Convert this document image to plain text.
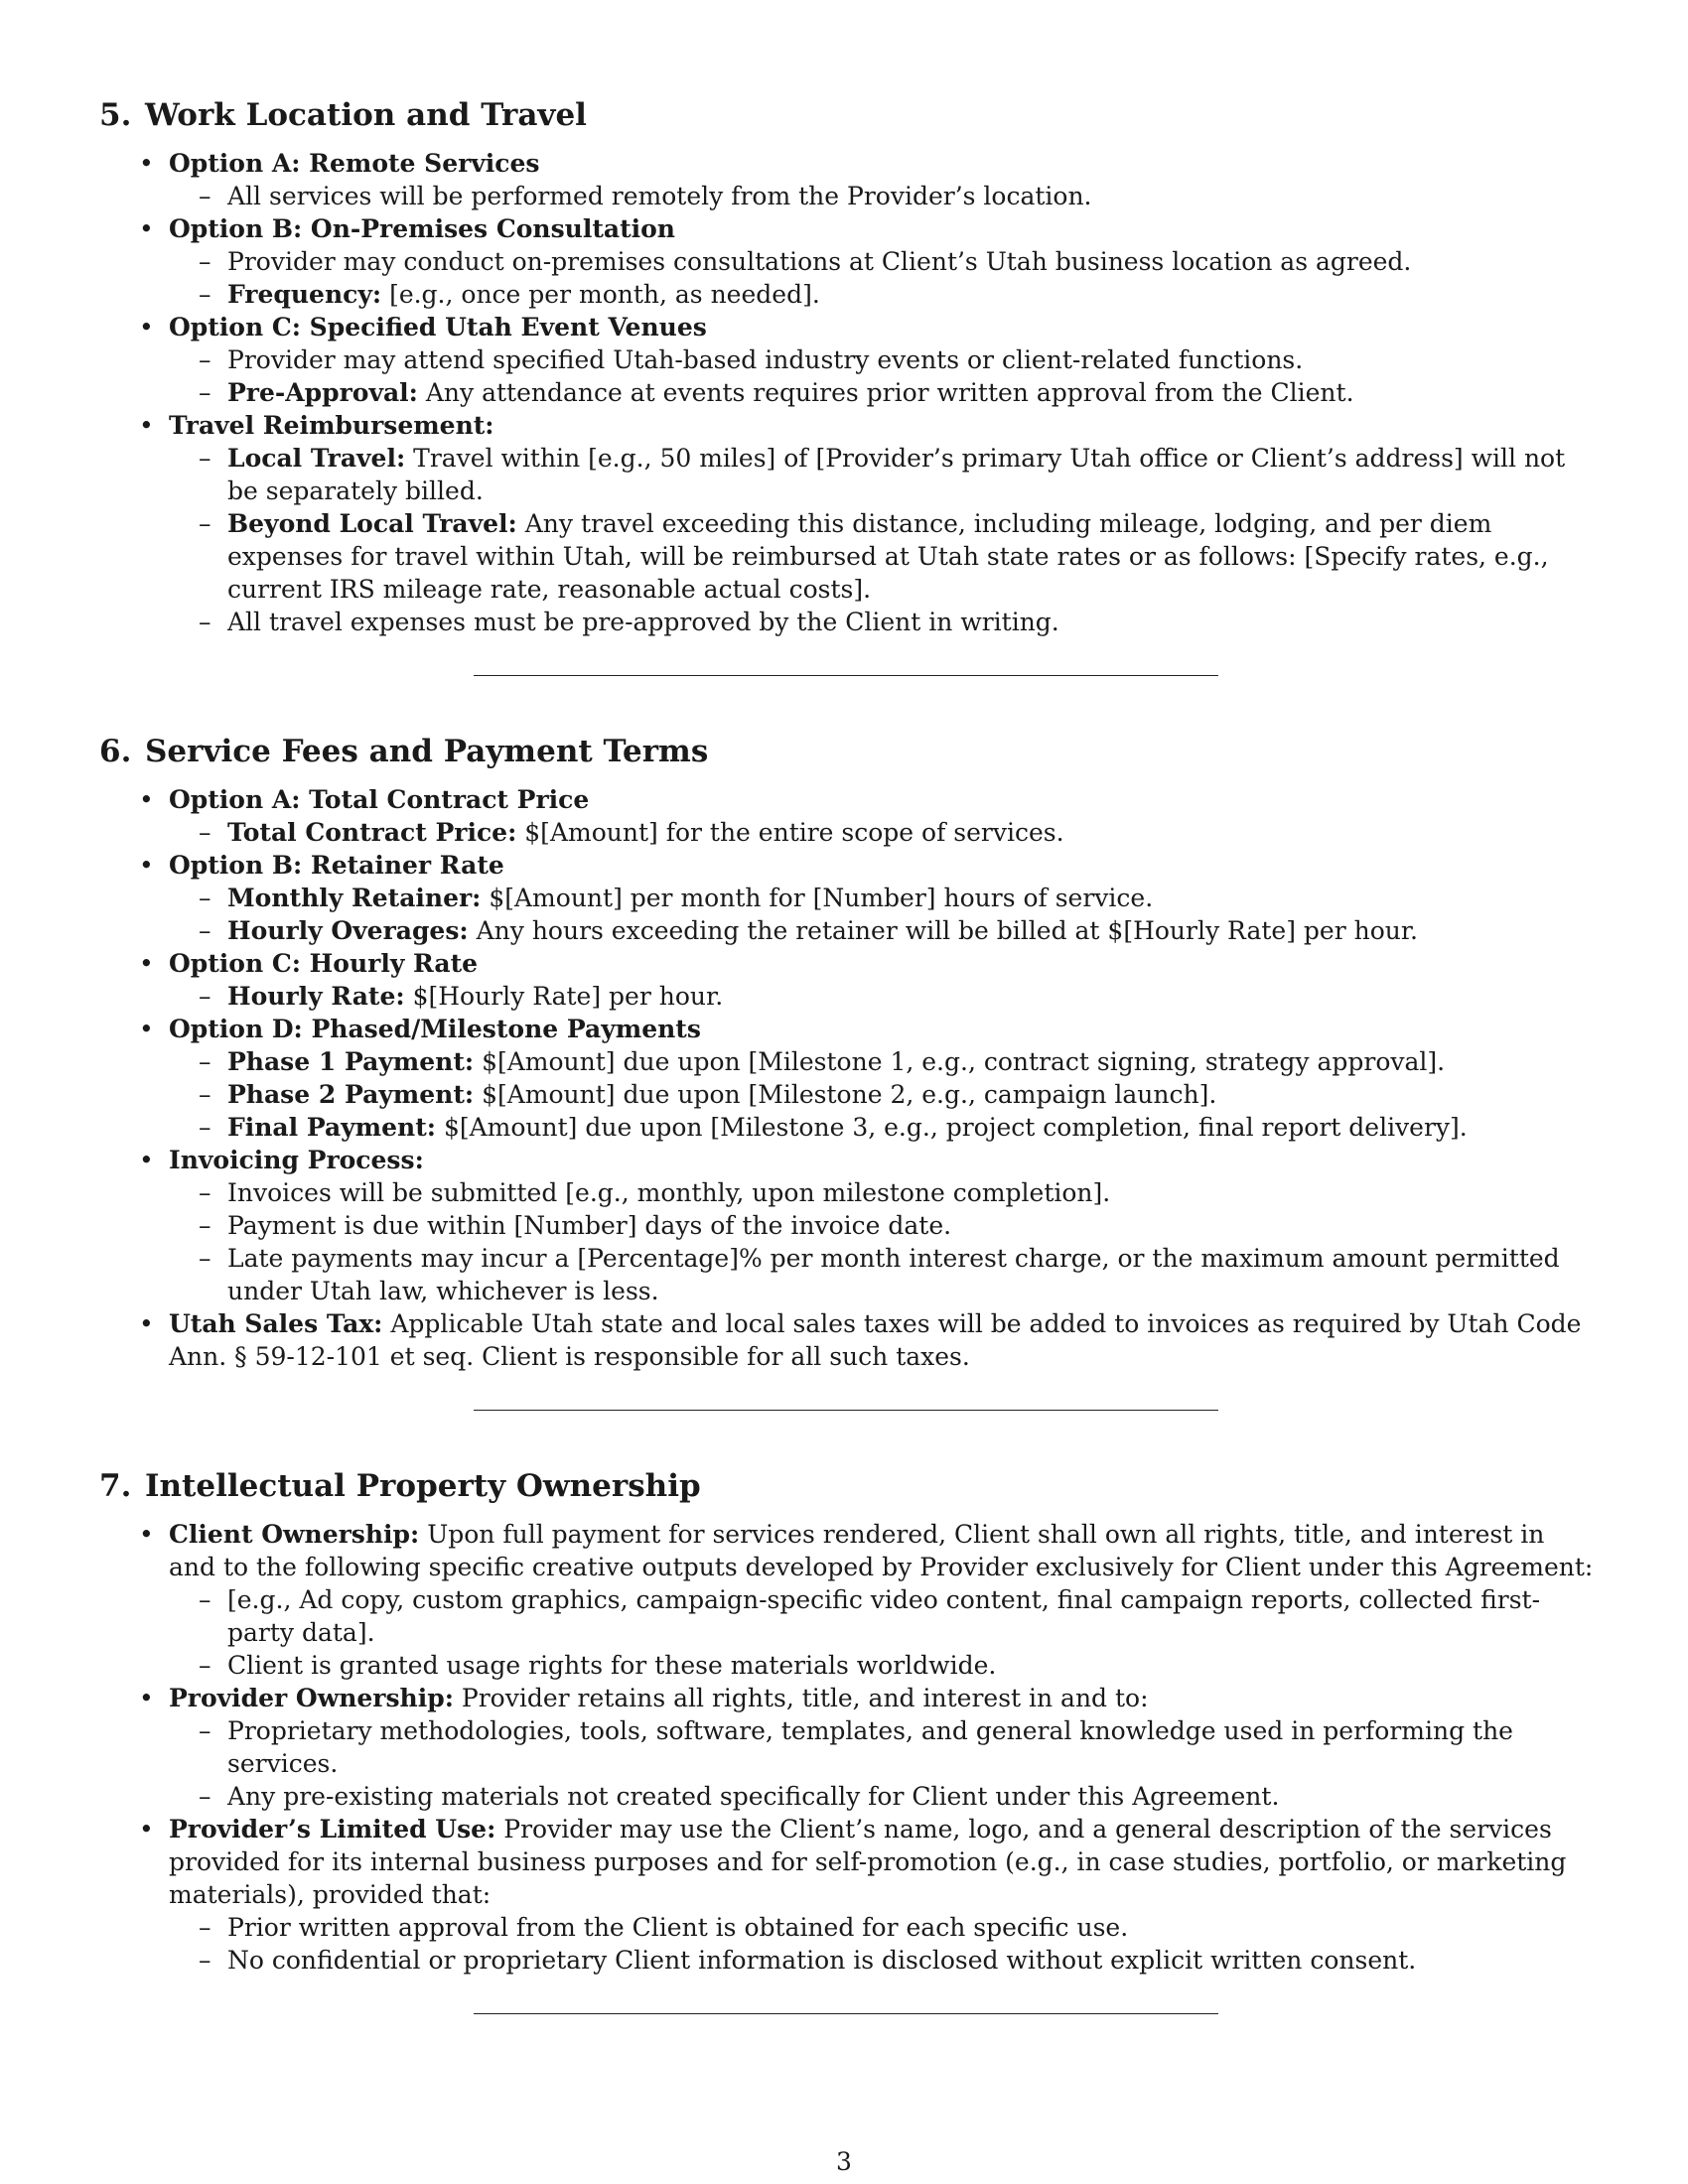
5. Work Location and Travel
• Option A: Remote Services
– All services will be performed remotely from the Provider’s location.
• Option B: On-Premises Consultation
– Provider may conduct on-premises consultations at Client’s Utah business location as agreed.
– Frequency: [e.g., once per month, as needed].
• Option C: Specified Utah Event Venues
– Provider may attend specified Utah-based industry events or client-related functions.
– Pre-Approval: Any attendance at events requires prior written approval from the Client.
• Travel Reimbursement:
– Local Travel: Travel within [e.g., 50 miles] of [Provider’s primary Utah office or Client’s address] will not be separately billed.
– Beyond Local Travel: Any travel exceeding this distance, including mileage, lodging, and per diem expenses for travel within Utah, will be reimbursed at Utah state rates or as follows: [Specify rates, e.g., current IRS mileage rate, reasonable actual costs].
– All travel expenses must be pre-approved by the Client in writing.
6. Service Fees and Payment Terms
• Option A: Total Contract Price
– Total Contract Price: $[Amount] for the entire scope of services.
• Option B: Retainer Rate
– Monthly Retainer: $[Amount] per month for [Number] hours of service.
– Hourly Overages: Any hours exceeding the retainer will be billed at $[Hourly Rate] per hour.
• Option C: Hourly Rate
– Hourly Rate: $[Hourly Rate] per hour.
• Option D: Phased/Milestone Payments
– Phase 1 Payment: $[Amount] due upon [Milestone 1, e.g., contract signing, strategy approval].
– Phase 2 Payment: $[Amount] due upon [Milestone 2, e.g., campaign launch].
– Final Payment: $[Amount] due upon [Milestone 3, e.g., project completion, final report delivery].
• Invoicing Process:
– Invoices will be submitted [e.g., monthly, upon milestone completion].
– Payment is due within [Number] days of the invoice date.
– Late payments may incur a [Percentage]% per month interest charge, or the maximum amount permitted under Utah law, whichever is less.
• Utah Sales Tax: Applicable Utah state and local sales taxes will be added to invoices as required by Utah Code Ann. § 59-12-101 et seq. Client is responsible for all such taxes.
7. Intellectual Property Ownership
• Client Ownership: Upon full payment for services rendered, Client shall own all rights, title, and interest in and to the following specific creative outputs developed by Provider exclusively for Client under this Agreement:
– [e.g., Ad copy, custom graphics, campaign-specific video content, final campaign reports, collected first-party data].
– Client is granted usage rights for these materials worldwide.
• Provider Ownership: Provider retains all rights, title, and interest in and to:
– Proprietary methodologies, tools, software, templates, and general knowledge used in performing the services.
– Any pre-existing materials not created specifically for Client under this Agreement.
• Provider’s Limited Use: Provider may use the Client’s name, logo, and a general description of the services provided for its internal business purposes and for self-promotion (e.g., in case studies, portfolio, or marketing materials), provided that:
– Prior written approval from the Client is obtained for each specific use.
– No confidential or proprietary Client information is disclosed without explicit written consent.
3
